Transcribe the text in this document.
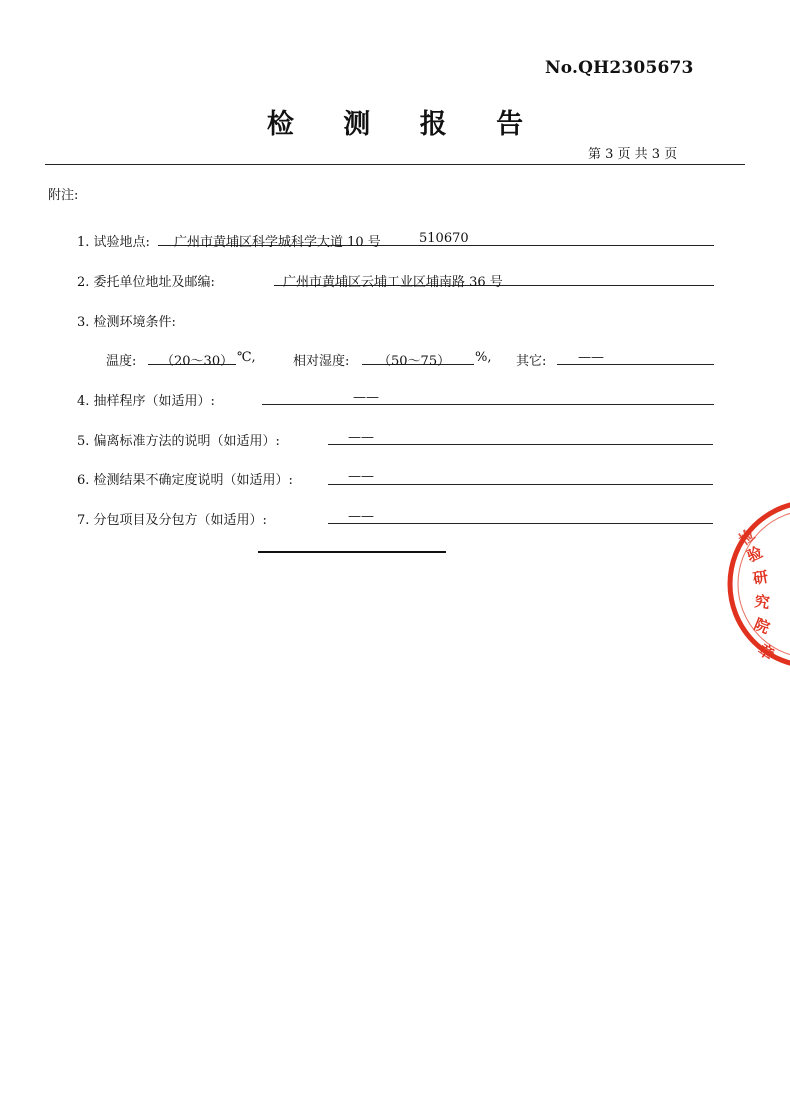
No.QH2305673
检 测 报 告
第 3 页 共 3 页
附注:
1. 试验地点: 广州市黄埔区科学城科学大道 10 号	510670
2. 委托单位地址及邮编:	广州市黄埔区云埔工业区埔南路 36 号
3. 检测环境条件:
温度: （20～30） ℃,	相对湿度: （50～75） %, 其它: ——
4. 抽样程序（如适用）:	——
5. 偏离标准方法的说明（如适用）:	——
6. 检测结果不确定度说明（如适用）:	——
7. 分包项目及分包方（如适用）:	——
检
验
研
究
院
章
